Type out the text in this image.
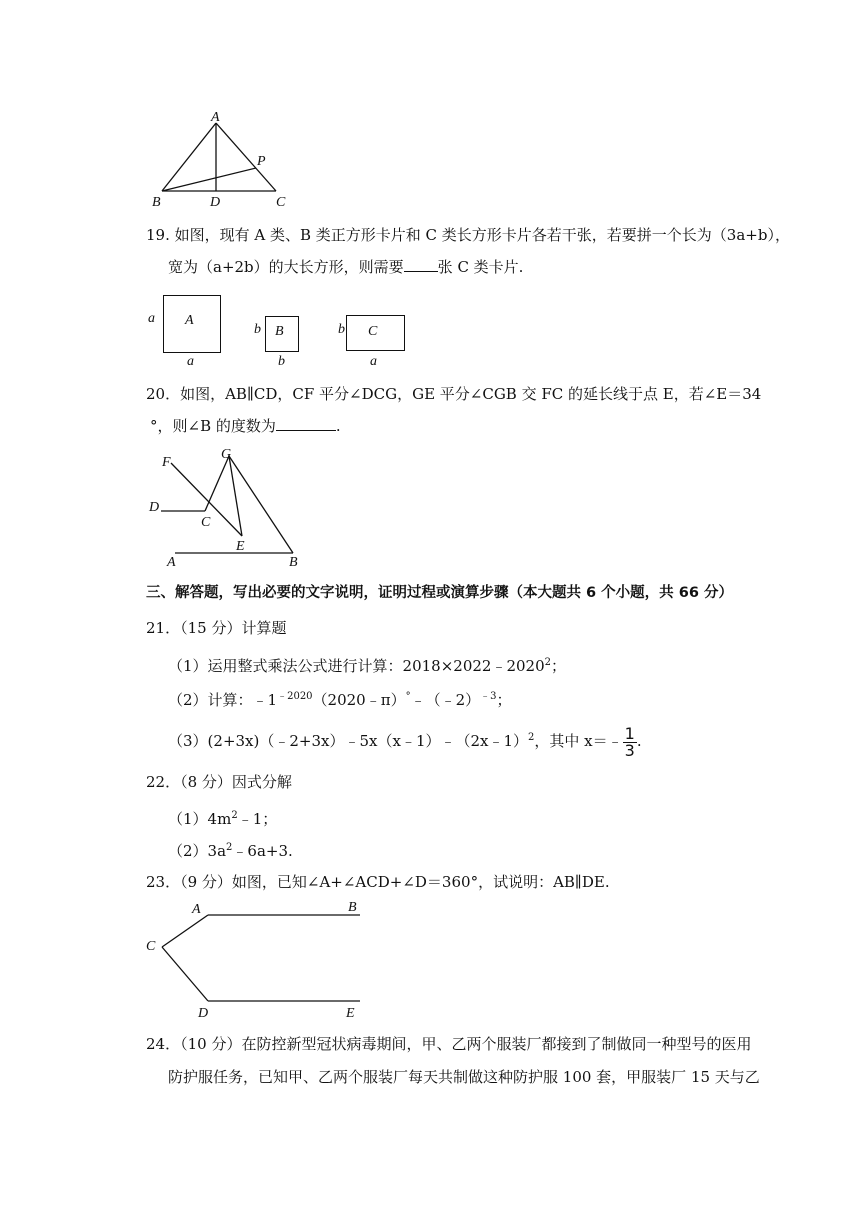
A
P
B	D	C
19. 如图，现有 A 类、B 类正方形卡片和 C 类长方形卡片各若干张，若要拼一个长为（3a+b），
宽为（a+2b）的大长方形，则需要 张 C 类卡片.
A
a
a
B
b
b
C
b
a
20．如图，AB∥CD，CF 平分∠DCG，GE 平分∠CGB 交 FC 的延长线于点 E，若∠E＝34
°，则∠B 的度数为	.
F
G
D
C
E
A	B
三、解答题，写出必要的文字说明，证明过程或演算步骤（本大题共 6 个小题，共 66 分）
21．（15 分）计算题
（1）运用整式乘法公式进行计算：$2018\times 2022﹣2020^2$；
（2）计算：$﹣1^{﹣2020}(2020﹣\pi)^\circ﹣(﹣2)^{﹣3}$；
（3）(2+3x)（﹣2+3x）﹣5x（x﹣1）﹣（2x﹣1）$^2$，其中 x＝﹣ $\frac{1}{3}$ .
22．（8 分）因式分解
$(1)4m^2﹣1$；
$(2)3a^2﹣6a+3$.
23．（9 分）如图，已知∠A+∠ACD+∠D＝360°，试说明：AB∥DE.
A	B
C
D	E
24．（10 分）在防控新型冠状病毒期间，甲、乙两个服装厂都接到了制做同一种型号的医用
防护服任务，已知甲、乙两个服装厂每天共制做这种防护服 100 套，甲服装厂 15 天与乙
